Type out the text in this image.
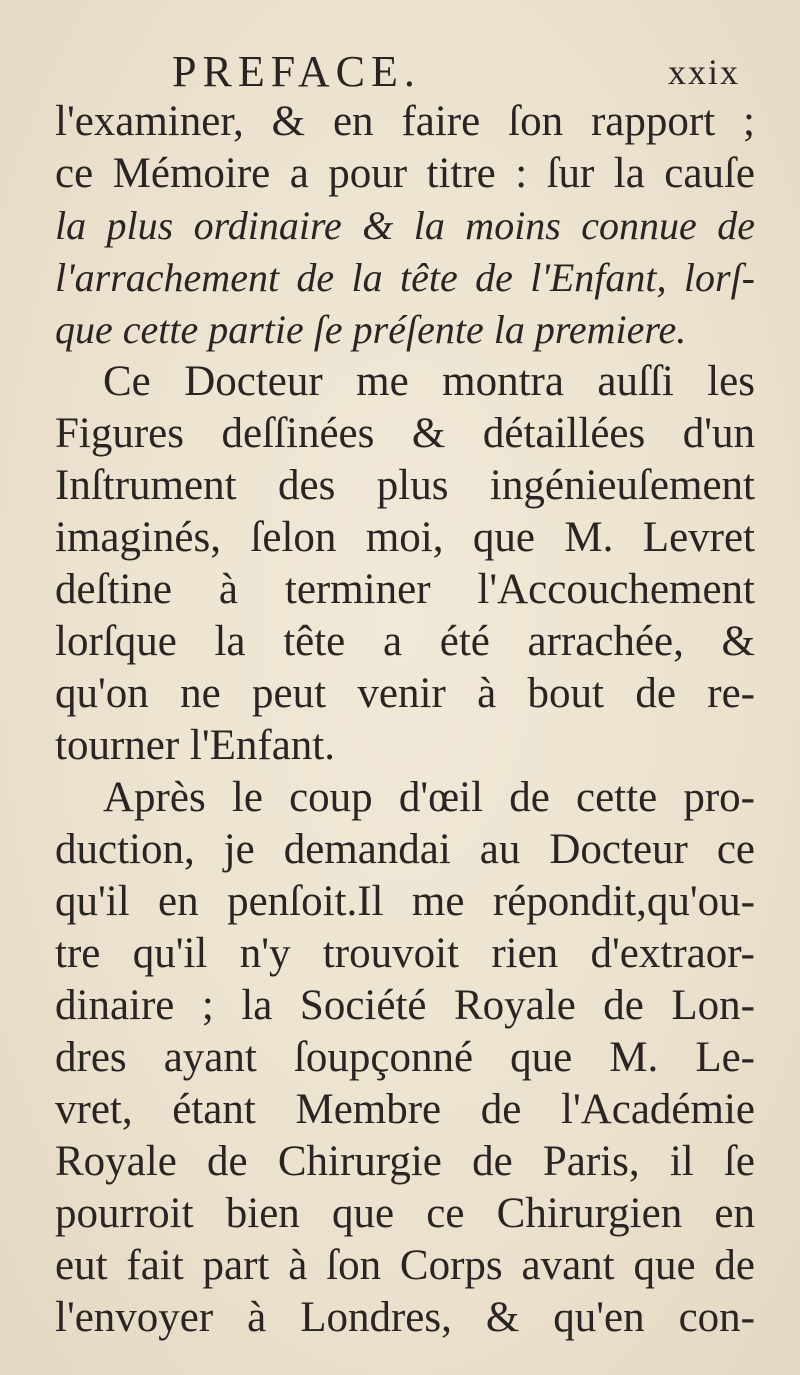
PREFACE.	xxix
l'examiner, & en faire ſon rapport ;
ce Mémoire a pour titre : ſur la cauſe
la plus ordinaire & la moins connue de
l'arrachement de la tête de l'Enfant, lorſ-
que cette partie ſe préſente la premiere.
Ce Docteur me montra auſſi les
Figures deſſinées & détaillées d'un
Inſtrument des plus ingénieuſement
imaginés, ſelon moi, que M. Levret
deſtine à terminer l'Accouchement
lorſque la tête a été arrachée, &
qu'on ne peut venir à bout de re-
tourner l'Enfant.
Après le coup d'œil de cette pro-
duction, je demandai au Docteur ce
qu'il en penſoit.Il me répondit,qu'ou-
tre qu'il n'y trouvoit rien d'extraor-
dinaire ; la Société Royale de Lon-
dres ayant ſoupçonné que M. Le-
vret, étant Membre de l'Académie
Royale de Chirurgie de Paris, il ſe
pourroit bien que ce Chirurgien en
eut fait part à ſon Corps avant que de
l'envoyer à Londres, & qu'en con-
